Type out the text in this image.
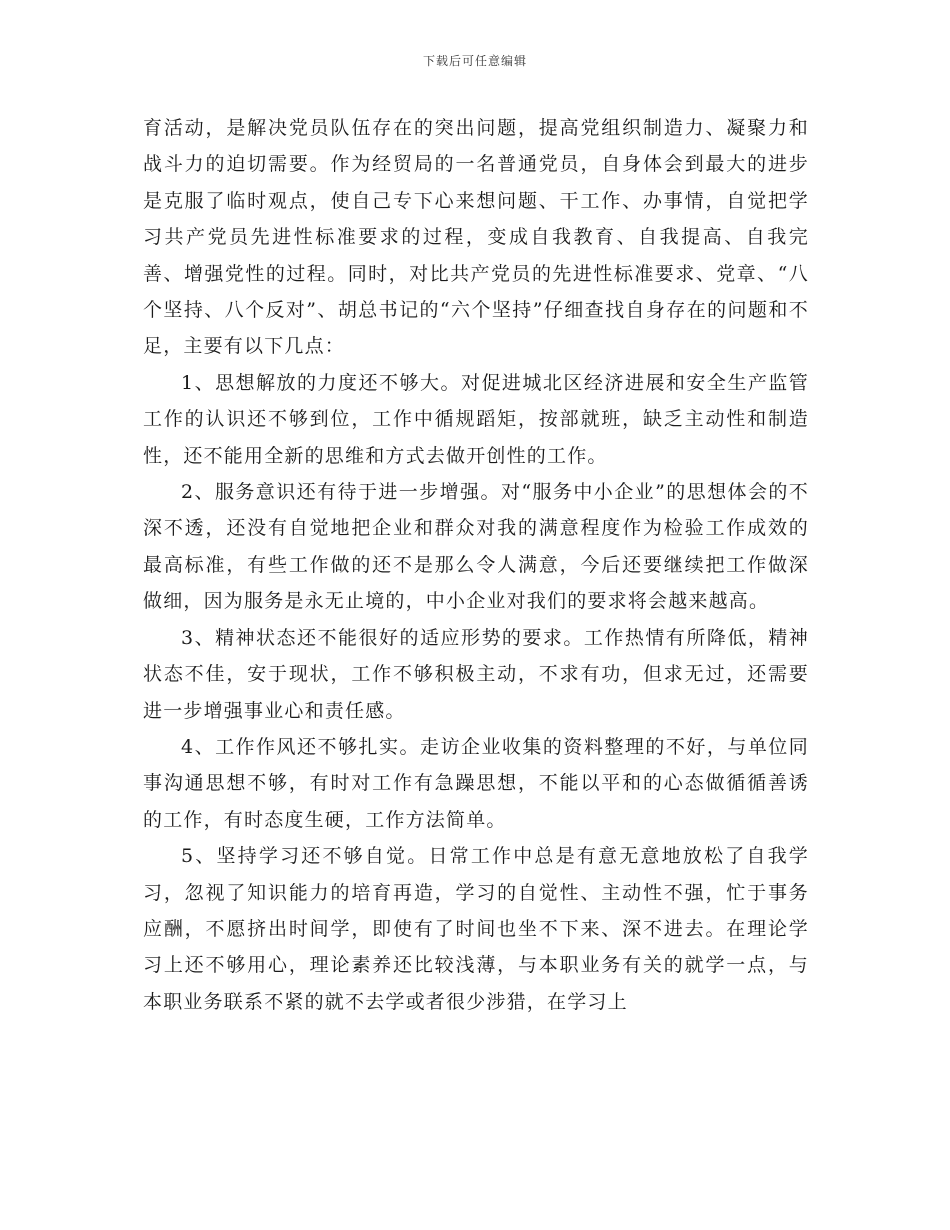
下载后可任意编辑

育活动，是解决党员队伍存在的突出问题，提高党组织制造力、凝聚力和战斗力的迫切需要。作为经贸局的一名普通党员，自身体会到最大的进步是克服了临时观点，使自己专下心来想问题、干工作、办事情，自觉把学习共产党员先进性标准要求的过程，变成自我教育、自我提高、自我完善、增强党性的过程。同时，对比共产党员的先进性标准要求、党章、“八个坚持、八个反对”、胡总书记的“六个坚持”仔细查找自身存在的问题和不足，主要有以下几点：

1、思想解放的力度还不够大。对促进城北区经济进展和安全生产监管工作的认识还不够到位，工作中循规蹈矩，按部就班，缺乏主动性和制造性，还不能用全新的思维和方式去做开创性的工作。

2、服务意识还有待于进一步增强。对“服务中小企业”的思想体会的不深不透，还没有自觉地把企业和群众对我的满意程度作为检验工作成效的最高标准，有些工作做的还不是那么令人满意，今后还要继续把工作做深做细，因为服务是永无止境的，中小企业对我们的要求将会越来越高。

3、精神状态还不能很好的适应形势的要求。工作热情有所降低，精神状态不佳，安于现状，工作不够积极主动，不求有功，但求无过，还需要进一步增强事业心和责任感。

4、工作作风还不够扎实。走访企业收集的资料整理的不好，与单位同事沟通思想不够，有时对工作有急躁思想，不能以平和的心态做循循善诱的工作，有时态度生硬，工作方法简单。

5、坚持学习还不够自觉。日常工作中总是有意无意地放松了自我学习，忽视了知识能力的培育再造，学习的自觉性、主动性不强，忙于事务应酬，不愿挤出时间学，即使有了时间也坐不下来、深不进去。在理论学习上还不够用心，理论素养还比较浅薄，与本职业务有关的就学一点，与本职业务联系不紧的就不去学或者很少涉猎，在学习上
